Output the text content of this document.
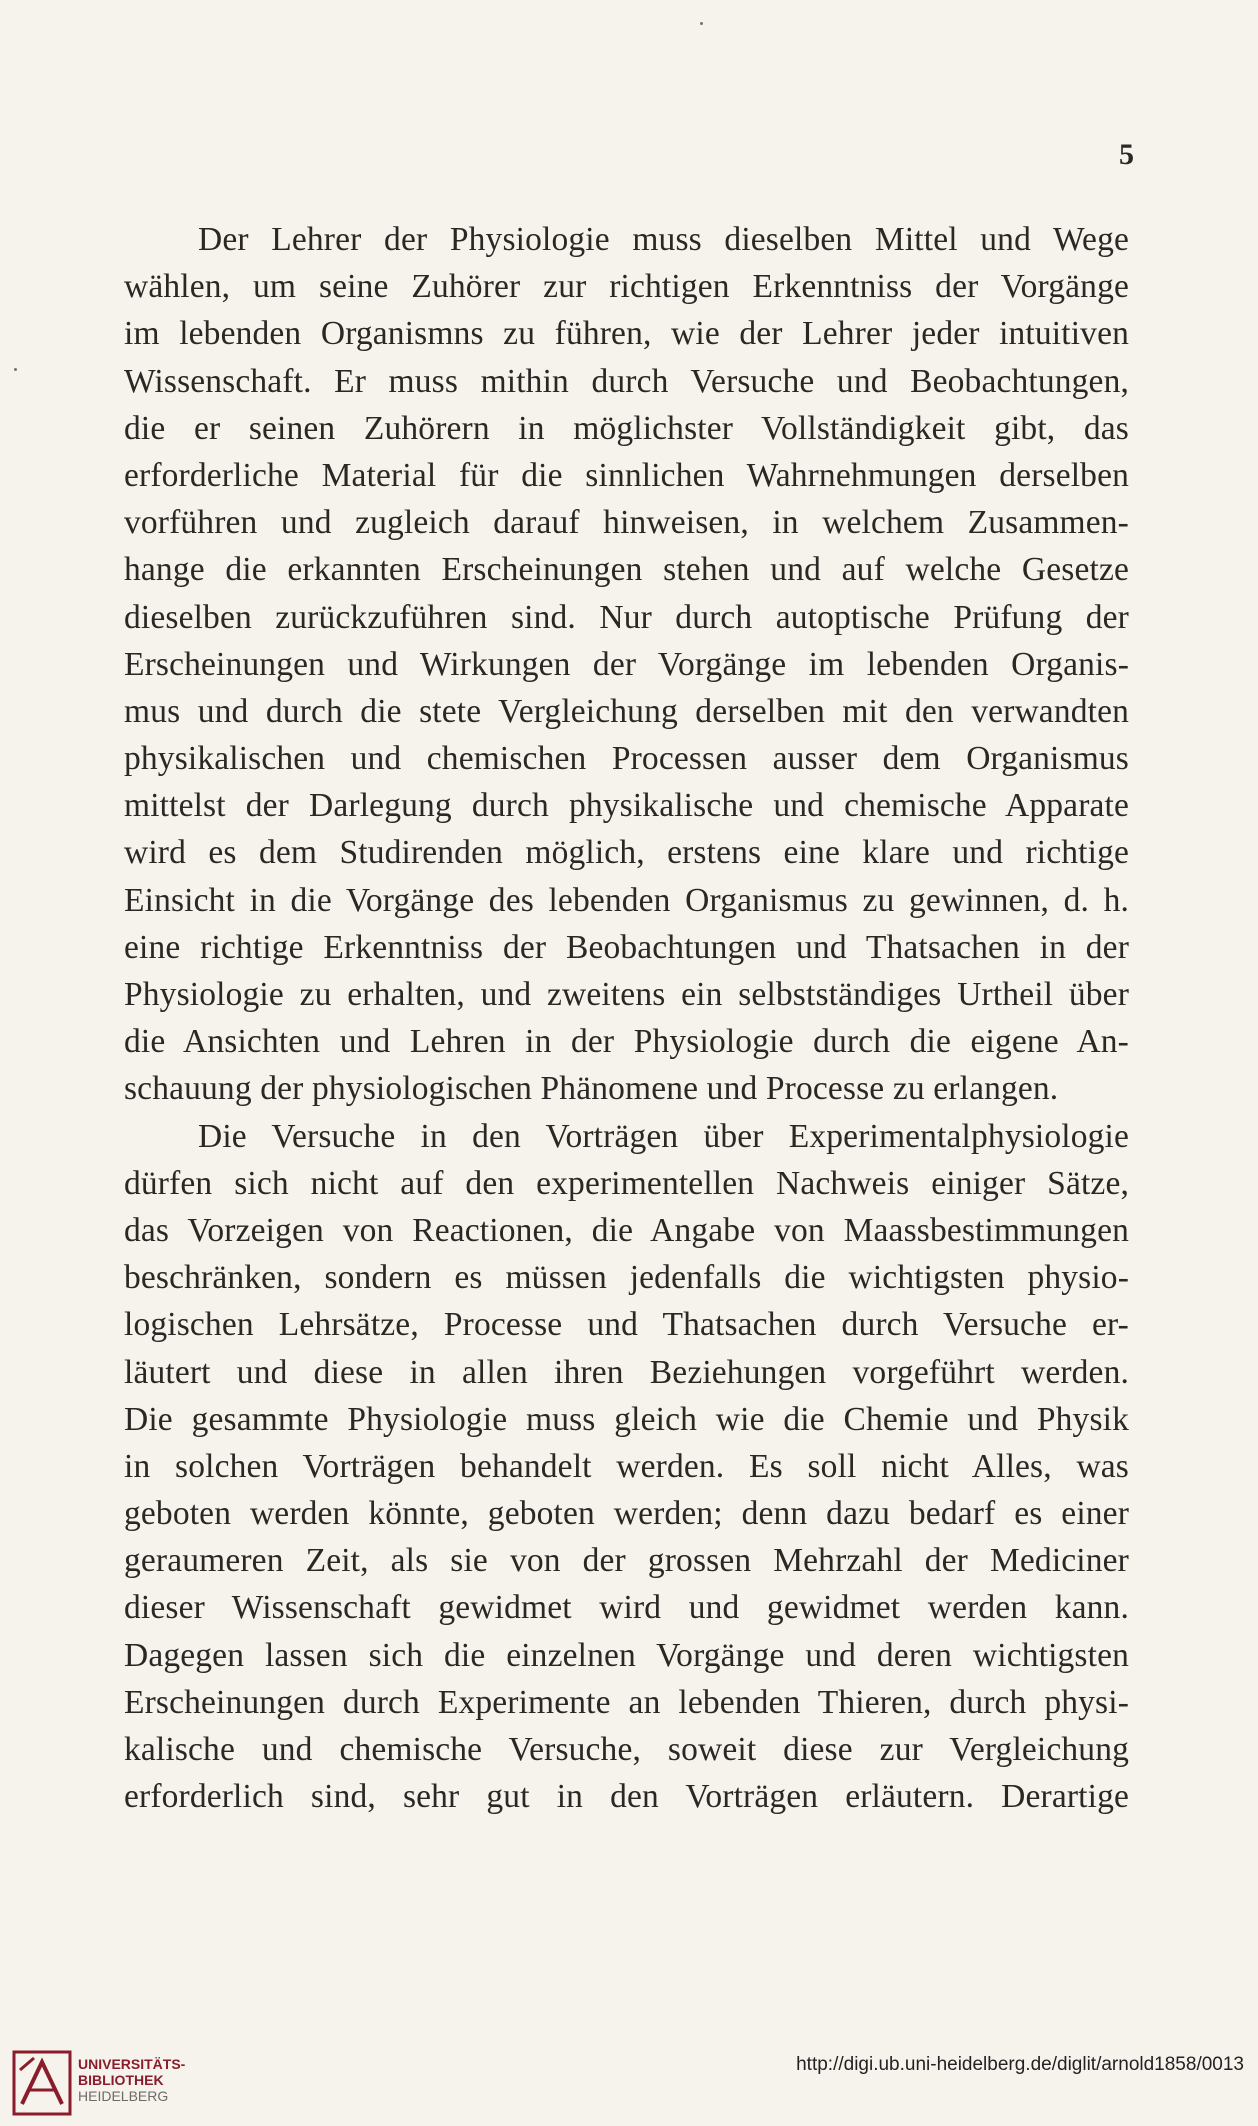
5
Der Lehrer der Physiologie muss dieselben Mittel und Wege
wählen, um seine Zuhörer zur richtigen Erkenntniss der Vorgänge
im lebenden Organismns zu führen, wie der Lehrer jeder intuitiven
Wissenschaft. Er muss mithin durch Versuche und Beobachtungen,
die er seinen Zuhörern in möglichster Vollständigkeit gibt, das
erforderliche Material für die sinnlichen Wahrnehmungen derselben
vorführen und zugleich darauf hinweisen, in welchem Zusammen-
hange die erkannten Erscheinungen stehen und auf welche Gesetze
dieselben zurückzuführen sind. Nur durch autoptische Prüfung der
Erscheinungen und Wirkungen der Vorgänge im lebenden Organis-
mus und durch die stete Vergleichung derselben mit den verwandten
physikalischen und chemischen Processen ausser dem Organismus
mittelst der Darlegung durch physikalische und chemische Apparate
wird es dem Studirenden möglich, erstens eine klare und richtige
Einsicht in die Vorgänge des lebenden Organismus zu gewinnen, d. h.
eine richtige Erkenntniss der Beobachtungen und Thatsachen in der
Physiologie zu erhalten, und zweitens ein selbstständiges Urtheil über
die Ansichten und Lehren in der Physiologie durch die eigene An-
schauung der physiologischen Phänomene und Processe zu erlangen.
Die Versuche in den Vorträgen über Experimentalphysiologie
dürfen sich nicht auf den experimentellen Nachweis einiger Sätze,
das Vorzeigen von Reactionen, die Angabe von Maassbestimmungen
beschränken, sondern es müssen jedenfalls die wichtigsten physio-
logischen Lehrsätze, Processe und Thatsachen durch Versuche er-
läutert und diese in allen ihren Beziehungen vorgeführt werden.
Die gesammte Physiologie muss gleich wie die Chemie und Physik
in solchen Vorträgen behandelt werden. Es soll nicht Alles, was
geboten werden könnte, geboten werden; denn dazu bedarf es einer
geraumeren Zeit, als sie von der grossen Mehrzahl der Mediciner
dieser Wissenschaft gewidmet wird und gewidmet werden kann.
Dagegen lassen sich die einzelnen Vorgänge und deren wichtigsten
Erscheinungen durch Experimente an lebenden Thieren, durch physi-
kalische und chemische Versuche, soweit diese zur Vergleichung
erforderlich sind, sehr gut in den Vorträgen erläutern. Derartige
UNIVERSITÄTS-
BIBLIOTHEK
HEIDELBERG
http://digi.ub.uni-heidelberg.de/diglit/arnold1858/0013
